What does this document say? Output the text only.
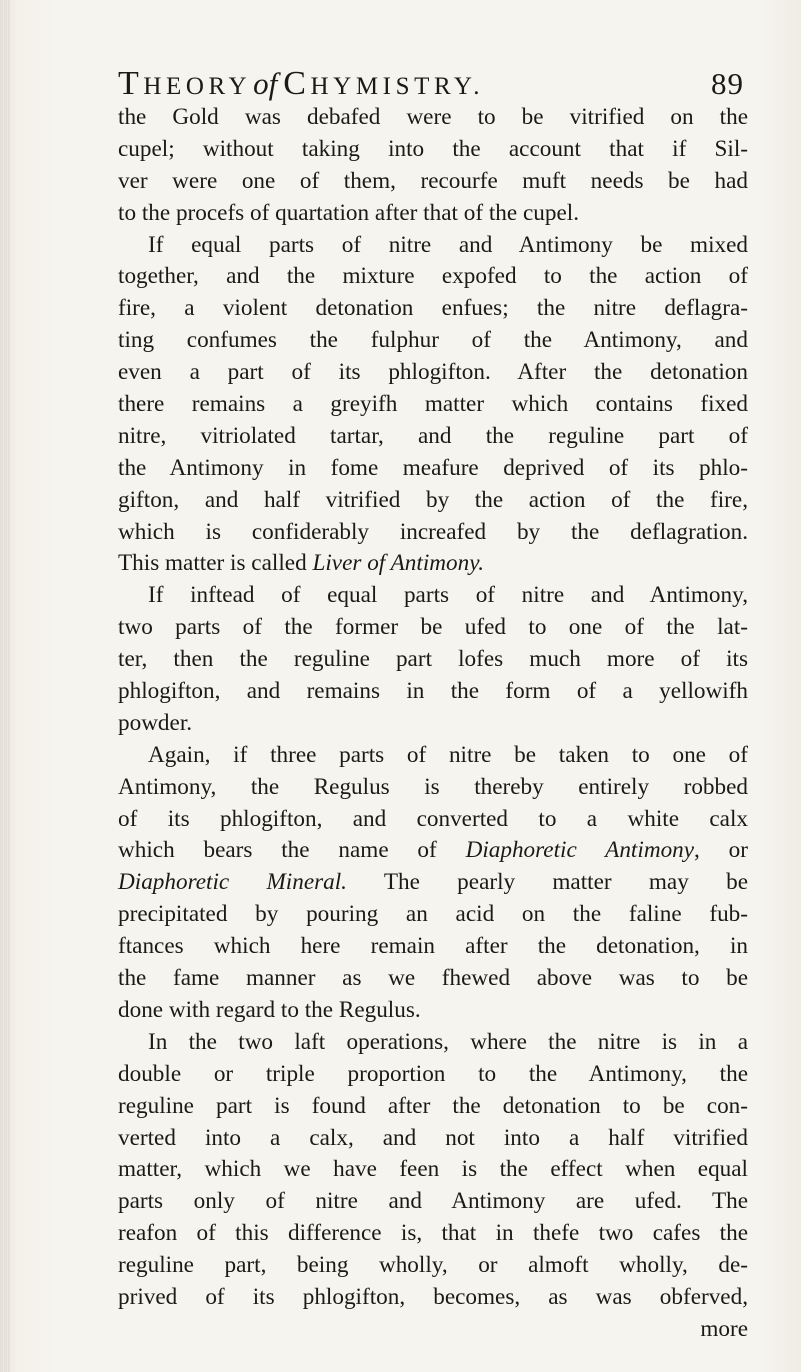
THEORYof CHYMISTRY.	89
the Gold was debafed were to be vitrified on the
cupel; without taking into the account that if Sil-
ver were one of them, recourfe muft needs be had
to the procefs of quartation after that of the cupel.
If equal parts of nitre and Antimony be mixed
together, and the mixture expofed to the action of
fire, a violent detonation enfues; the nitre deflagra-
ting confumes the fulphur of the Antimony, and
even a part of its phlogifton. After the detonation
there remains a greyifh matter which contains fixed
nitre, vitriolated tartar, and the reguline part of
the Antimony in fome meafure deprived of its phlo-
gifton, and half vitrified by the action of the fire,
which is confiderably increafed by the deflagration.
This matter is called Liver of Antimony.
If inftead of equal parts of nitre and Antimony,
two parts of the former be ufed to one of the lat-
ter, then the reguline part lofes much more of its
phlogifton, and remains in the form of a yellowifh
powder.
Again, if three parts of nitre be taken to one of
Antimony, the Regulus is thereby entirely robbed
of its phlogifton, and converted to a white calx
which bears the name of Diaphoretic Antimony, or
Diaphoretic Mineral. The pearly matter may be
precipitated by pouring an acid on the faline fub-
ftances which here remain after the detonation, in
the fame manner as we fhewed above was to be
done with regard to the Regulus.
In the two laft operations, where the nitre is in a
double or triple proportion to the Antimony, the
reguline part is found after the detonation to be con-
verted into a calx, and not into a half vitrified
matter, which we have feen is the effect when equal
parts only of nitre and Antimony are ufed. The
reafon of this difference is, that in thefe two cafes the
reguline part, being wholly, or almoft wholly, de-
prived of its phlogifton, becomes, as was obferved,
more
